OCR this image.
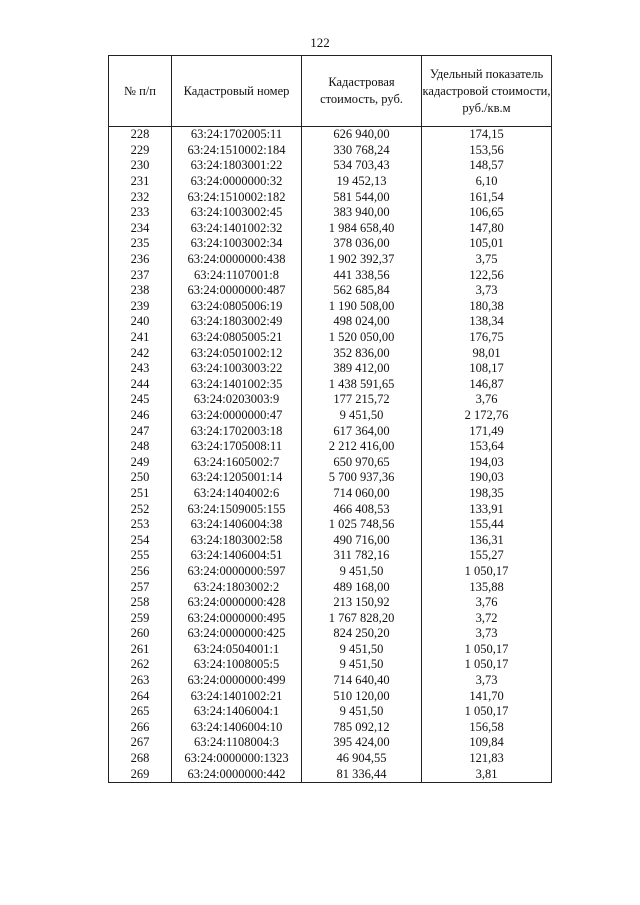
122
№ п/п	Кадастровый номер	Кадастровая стоимость, руб.	Удельный показатель кадастровой стоимости, руб./кв.м
228	63:24:1702005:11	626 940,00	174,15
229	63:24:1510002:184	330 768,24	153,56
230	63:24:1803001:22	534 703,43	148,57
231	63:24:0000000:32	19 452,13	6,10
232	63:24:1510002:182	581 544,00	161,54
233	63:24:1003002:45	383 940,00	106,65
234	63:24:1401002:32	1 984 658,40	147,80
235	63:24:1003002:34	378 036,00	105,01
236	63:24:0000000:438	1 902 392,37	3,75
237	63:24:1107001:8	441 338,56	122,56
238	63:24:0000000:487	562 685,84	3,73
239	63:24:0805006:19	1 190 508,00	180,38
240	63:24:1803002:49	498 024,00	138,34
241	63:24:0805005:21	1 520 050,00	176,75
242	63:24:0501002:12	352 836,00	98,01
243	63:24:1003003:22	389 412,00	108,17
244	63:24:1401002:35	1 438 591,65	146,87
245	63:24:0203003:9	177 215,72	3,76
246	63:24:0000000:47	9 451,50	2 172,76
247	63:24:1702003:18	617 364,00	171,49
248	63:24:1705008:11	2 212 416,00	153,64
249	63:24:1605002:7	650 970,65	194,03
250	63:24:1205001:14	5 700 937,36	190,03
251	63:24:1404002:6	714 060,00	198,35
252	63:24:1509005:155	466 408,53	133,91
253	63:24:1406004:38	1 025 748,56	155,44
254	63:24:1803002:58	490 716,00	136,31
255	63:24:1406004:51	311 782,16	155,27
256	63:24:0000000:597	9 451,50	1 050,17
257	63:24:1803002:2	489 168,00	135,88
258	63:24:0000000:428	213 150,92	3,76
259	63:24:0000000:495	1 767 828,20	3,72
260	63:24:0000000:425	824 250,20	3,73
261	63:24:0504001:1	9 451,50	1 050,17
262	63:24:1008005:5	9 451,50	1 050,17
263	63:24:0000000:499	714 640,40	3,73
264	63:24:1401002:21	510 120,00	141,70
265	63:24:1406004:1	9 451,50	1 050,17
266	63:24:1406004:10	785 092,12	156,58
267	63:24:1108004:3	395 424,00	109,84
268	63:24:0000000:1323	46 904,55	121,83
269	63:24:0000000:442	81 336,44	3,81
